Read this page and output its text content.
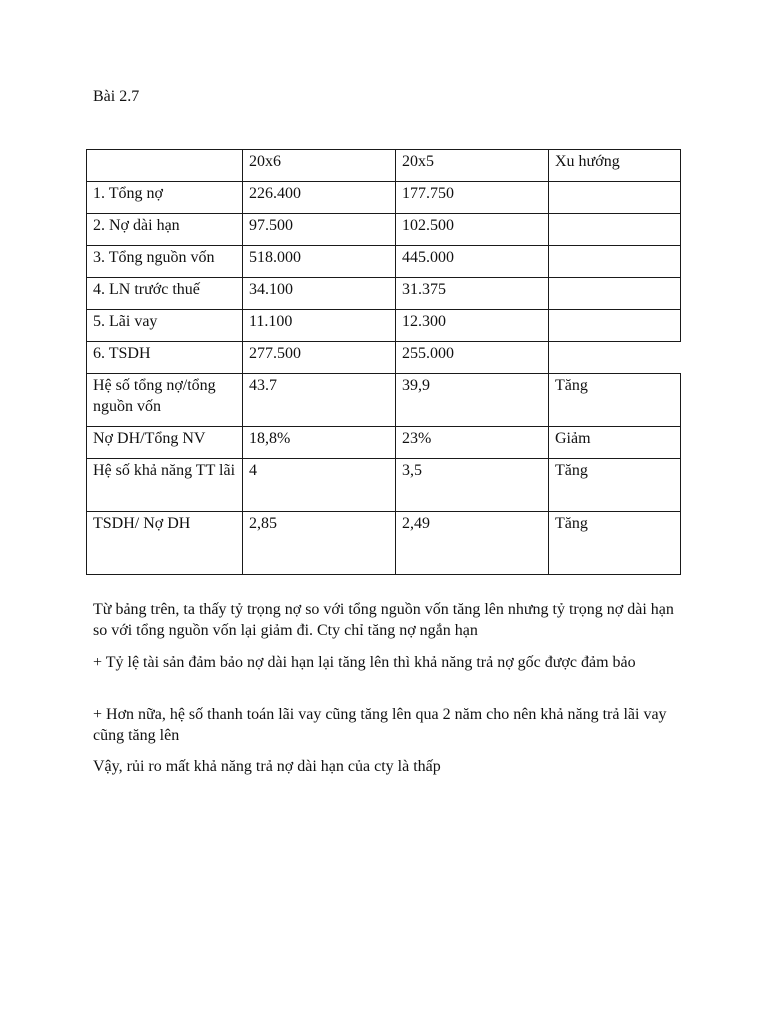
Bài 2.7
	20x6	20x5	Xu hướng
1. Tổng nợ	226.400	177.750	
2. Nợ dài hạn	97.500	102.500	
3. Tổng nguồn vốn	518.000	445.000	
4. LN trước thuế	34.100	31.375	
5. Lãi vay	11.100	12.300	
6. TSDH	277.500	255.000	
Hệ số tổng nợ/tổng nguồn vốn	43.7	39,9	Tăng
Nợ DH/Tổng NV	18,8%	23%	Giảm
Hệ số khả năng TT lãi	4	3,5	Tăng
TSDH/ Nợ DH	2,85	2,49	Tăng

Từ bảng trên, ta thấy tỷ trọng nợ so với tổng nguồn vốn tăng lên nhưng tỷ trọng nợ dài hạn so với tổng nguồn vốn lại giảm đi. Cty chỉ tăng nợ ngắn hạn

+ Tỷ lệ tài sản đảm bảo nợ dài hạn lại tăng lên thì khả năng trả nợ gốc được đảm bảo

+ Hơn nữa, hệ số thanh toán lãi vay cũng tăng lên qua 2 năm cho nên khả năng trả lãi vay cũng tăng lên

Vậy, rủi ro mất khả năng trả nợ dài hạn của cty là thấp
